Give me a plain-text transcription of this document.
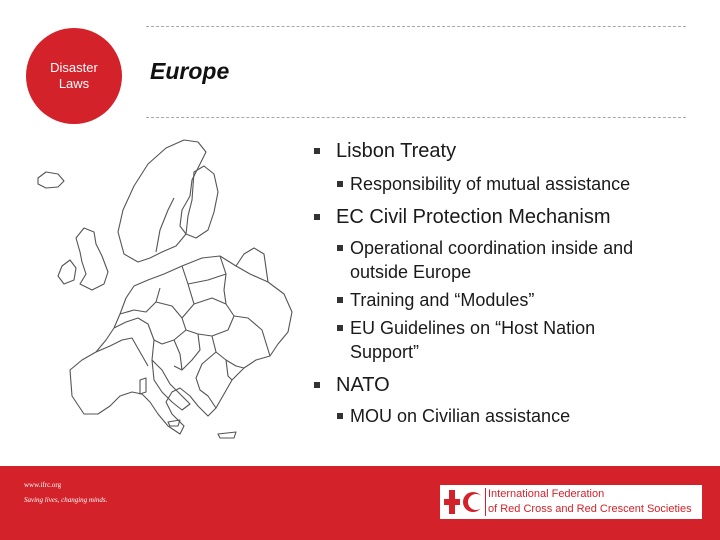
Disaster
Laws	Europe
Lisbon Treaty
Responsibility of mutual assistance
EC Civil Protection Mechanism
Operational coordination inside and
outside Europe
Training and “Modules”
EU Guidelines on “Host Nation
Support”
NATO
MOU on Civilian assistance
www.ifrc.org
Saving lives, changing minds.	International Federation
of Red Cross and Red Crescent Societies
